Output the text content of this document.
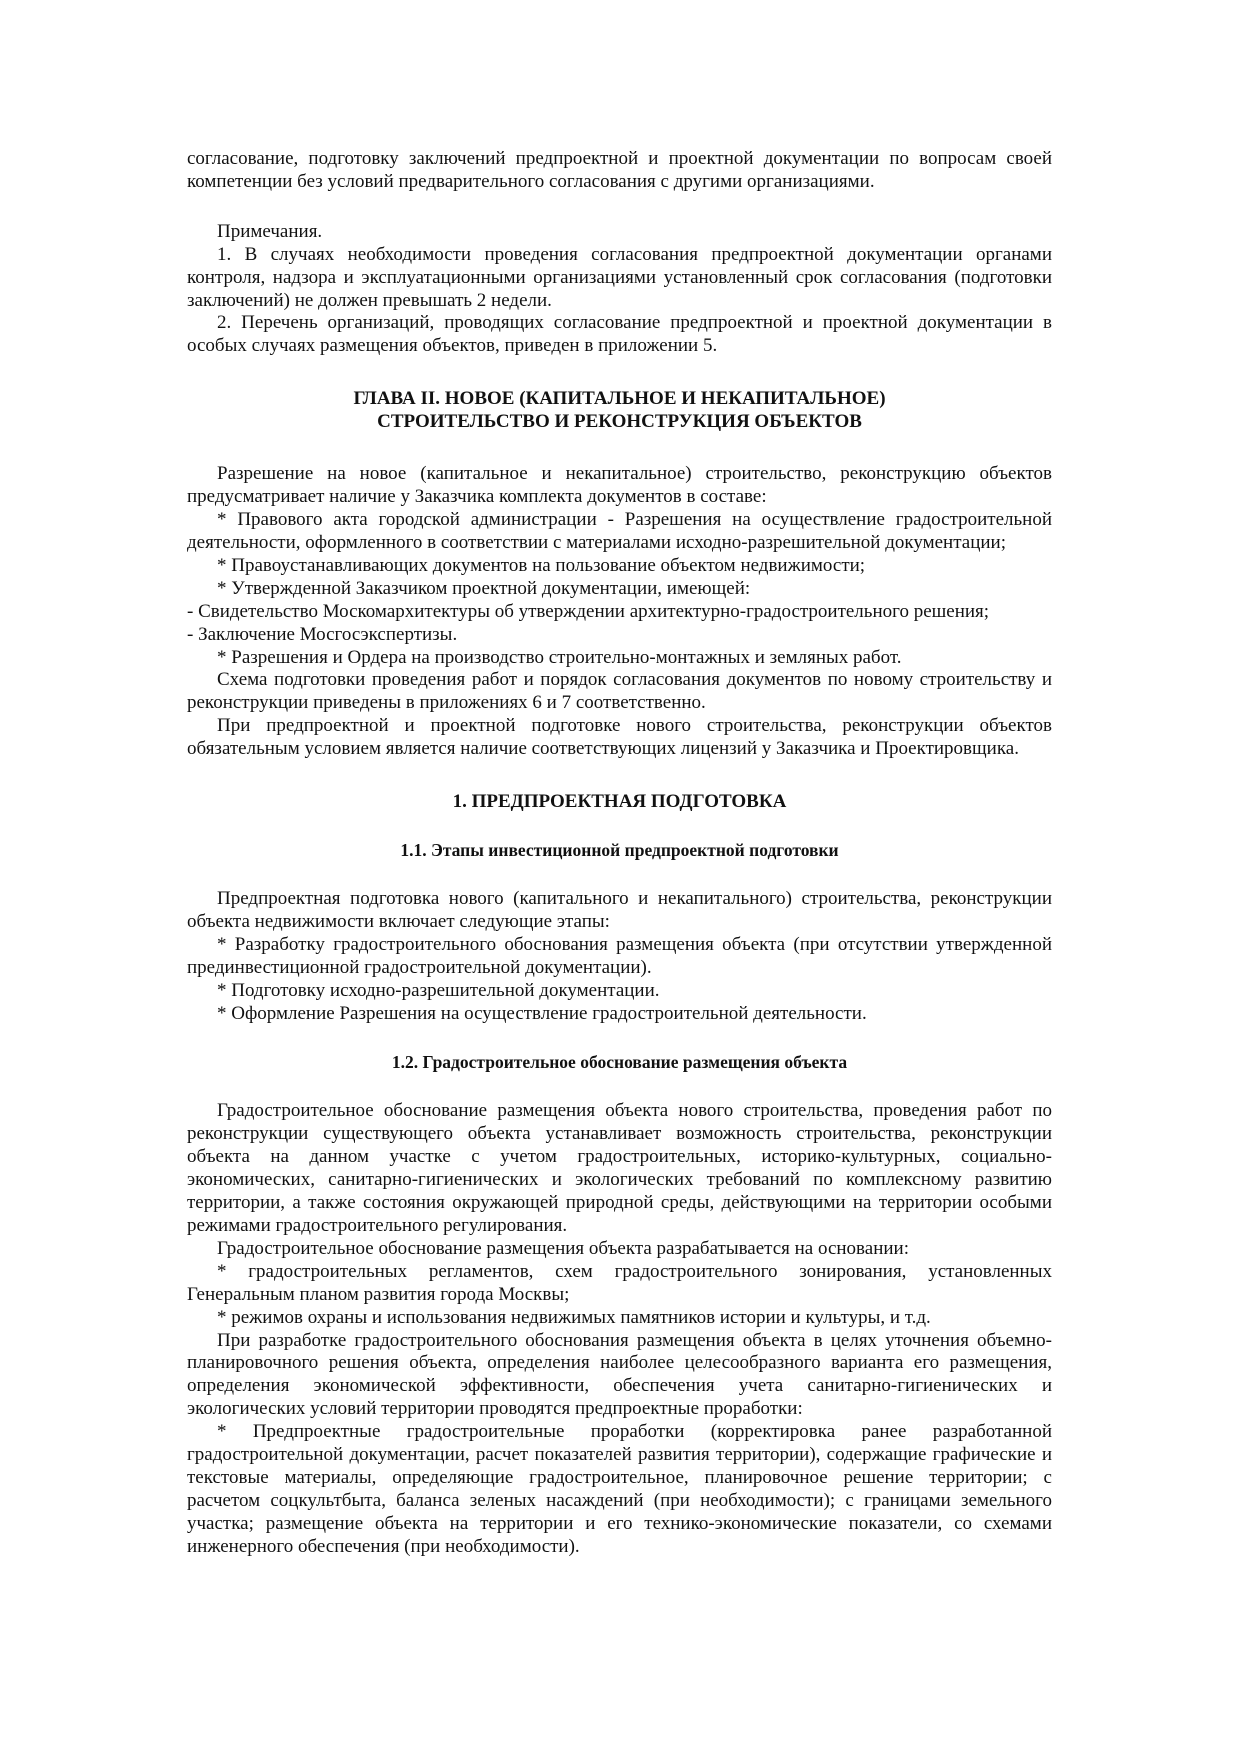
согласование, подготовку заключений предпроектной и проектной документации по вопросам своей компетенции без условий предварительного согласования с другими организациями.

Примечания.

1. В случаях необходимости проведения согласования предпроектной документации органами контроля, надзора и эксплуатационными организациями установленный срок согласования (подготовки заключений) не должен превышать 2 недели.

2. Перечень организаций, проводящих согласование предпроектной и проектной документации в особых случаях размещения объектов, приведен в приложении 5.

ГЛАВА II. НОВОЕ (КАПИТАЛЬНОЕ И НЕКАПИТАЛЬНОЕ)

СТРОИТЕЛЬСТВО И РЕКОНСТРУКЦИЯ ОБЪЕКТОВ

Разрешение на новое (капитальное и некапитальное) строительство, реконструкцию объектов предусматривает наличие у Заказчика комплекта документов в составе:

* Правового акта городской администрации - Разрешения на осуществление градостроительной деятельности, оформленного в соответствии с материалами исходно-разрешительной документации;

* Правоустанавливающих документов на пользование объектом недвижимости;

* Утвержденной Заказчиком проектной документации, имеющей:

- Свидетельство Москомархитектуры об утверждении архитектурно-градостроительного решения;

- Заключение Мосгосэкспертизы.

* Разрешения и Ордера на производство строительно-монтажных и земляных работ.

Схема подготовки проведения работ и порядок согласования документов по новому строительству и реконструкции приведены в приложениях 6 и 7 соответственно.

При предпроектной и проектной подготовке нового строительства, реконструкции объектов обязательным условием является наличие соответствующих лицензий у Заказчика и Проектировщика.

1. ПРЕДПРОЕКТНАЯ ПОДГОТОВКА

1.1. Этапы инвестиционной предпроектной подготовки

Предпроектная подготовка нового (капитального и некапитального) строительства, реконструкции объекта недвижимости включает следующие этапы:

* Разработку градостроительного обоснования размещения объекта (при отсутствии утвержденной прединвестиционной градостроительной документации).

* Подготовку исходно-разрешительной документации.

* Оформление Разрешения на осуществление градостроительной деятельности.

1.2. Градостроительное обоснование размещения объекта

Градостроительное обоснование размещения объекта нового строительства, проведения работ по реконструкции существующего объекта устанавливает возможность строительства, реконструкции объекта на данном участке с учетом градостроительных, историко-культурных, социально-экономических, санитарно-гигиенических и экологических требований по комплексному развитию территории, а также состояния окружающей природной среды, действующими на территории особыми режимами градостроительного регулирования.

Градостроительное обоснование размещения объекта разрабатывается на основании:

* градостроительных регламентов, схем градостроительного зонирования, установленных Генеральным планом развития города Москвы;

* режимов охраны и использования недвижимых памятников истории и культуры, и т.д.

При разработке градостроительного обоснования размещения объекта в целях уточнения объемно-планировочного решения объекта, определения наиболее целесообразного варианта его размещения, определения экономической эффективности, обеспечения учета санитарно-гигиенических и экологических условий территории проводятся предпроектные проработки:

* Предпроектные градостроительные проработки (корректировка ранее разработанной градостроительной документации, расчет показателей развития территории), содержащие графические и текстовые материалы, определяющие градостроительное, планировочное решение территории; с расчетом соцкультбыта, баланса зеленых насаждений (при необходимости); с границами земельного участка; размещение объекта на территории и его технико-экономические показатели, со схемами инженерного обеспечения (при необходимости).
